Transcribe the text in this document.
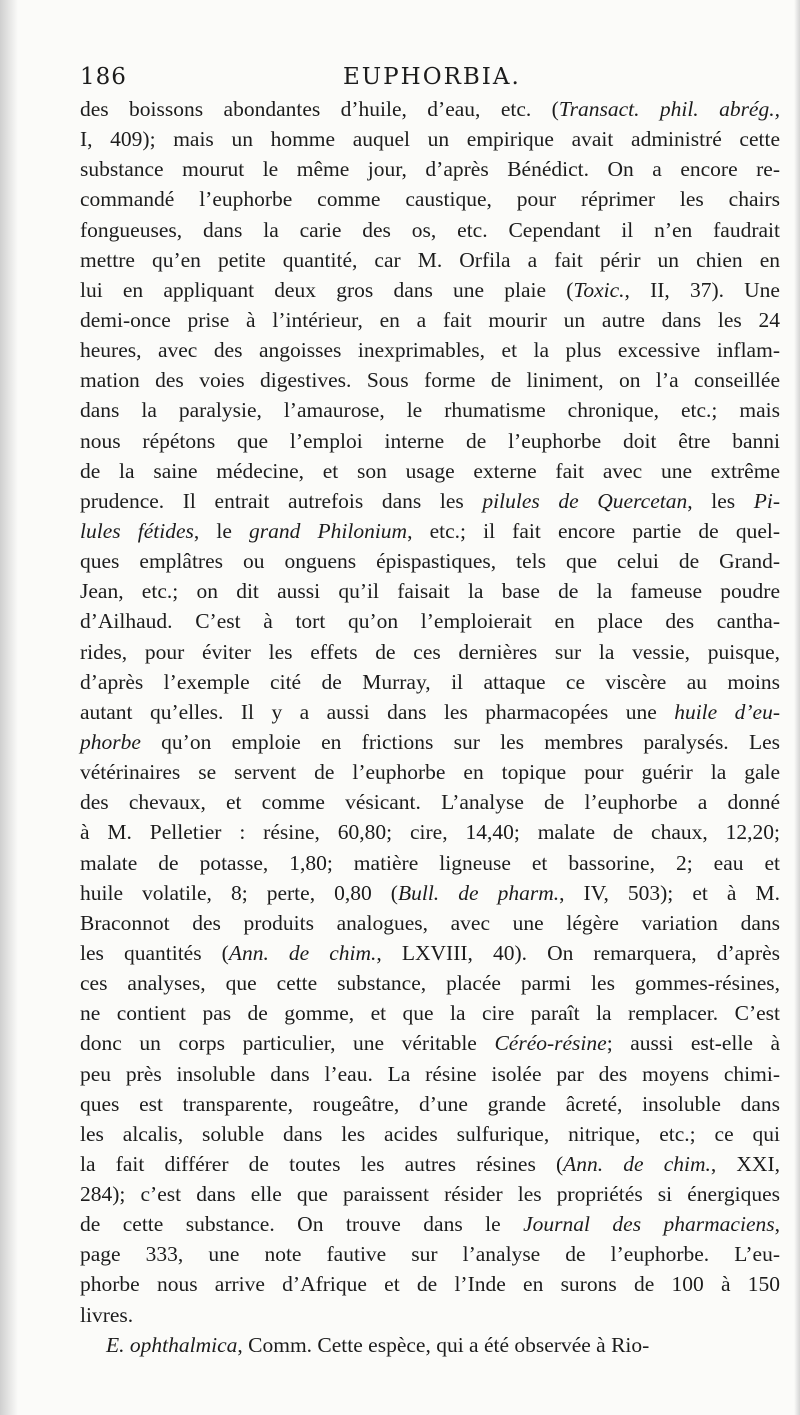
186	EUPHORBIA.
des boissons abondantes d’huile, d’eau, etc. (Transact. phil. abrég.,
I, 409); mais un homme auquel un empirique avait administré cette
substance mourut le même jour, d’après Bénédict. On a encore re-
commandé l’euphorbe comme caustique, pour réprimer les chairs
fongueuses, dans la carie des os, etc. Cependant il n’en faudrait
mettre qu’en petite quantité, car M. Orfila a fait périr un chien en
lui en appliquant deux gros dans une plaie (Toxic., II, 37). Une
demi-once prise à l’intérieur, en a fait mourir un autre dans les 24
heures, avec des angoisses inexprimables, et la plus excessive inflam-
mation des voies digestives. Sous forme de liniment, on l’a conseillée
dans la paralysie, l’amaurose, le rhumatisme chronique, etc.; mais
nous répétons que l’emploi interne de l’euphorbe doit être banni
de la saine médecine, et son usage externe fait avec une extrême
prudence. Il entrait autrefois dans les pilules de Quercetan, les Pi-
lules fétides, le grand Philonium, etc.; il fait encore partie de quel-
ques emplâtres ou onguens épispastiques, tels que celui de Grand-
Jean, etc.; on dit aussi qu’il faisait la base de la fameuse poudre
d’Ailhaud. C’est à tort qu’on l’emploierait en place des cantha-
rides, pour éviter les effets de ces dernières sur la vessie, puisque,
d’après l’exemple cité de Murray, il attaque ce viscère au moins
autant qu’elles. Il y a aussi dans les pharmacopées une huile d’eu-
phorbe qu’on emploie en frictions sur les membres paralysés. Les
vétérinaires se servent de l’euphorbe en topique pour guérir la gale
des chevaux, et comme vésicant. L’analyse de l’euphorbe a donné
à M. Pelletier : résine, 60,80; cire, 14,40; malate de chaux, 12,20;
malate de potasse, 1,80; matière ligneuse et bassorine, 2; eau et
huile volatile, 8; perte, 0,80 (Bull. de pharm., IV, 503); et à M.
Braconnot des produits analogues, avec une légère variation dans
les quantités (Ann. de chim., LXVIII, 40). On remarquera, d’après
ces analyses, que cette substance, placée parmi les gommes-résines,
ne contient pas de gomme, et que la cire paraît la remplacer. C’est
donc un corps particulier, une véritable Céréo-résine; aussi est-elle à
peu près insoluble dans l’eau. La résine isolée par des moyens chimi-
ques est transparente, rougeâtre, d’une grande âcreté, insoluble dans
les alcalis, soluble dans les acides sulfurique, nitrique, etc.; ce qui
la fait différer de toutes les autres résines (Ann. de chim., XXI,
284); c’est dans elle que paraissent résider les propriétés si énergiques
de cette substance. On trouve dans le Journal des pharmaciens,
page 333, une note fautive sur l’analyse de l’euphorbe. L’eu-
phorbe nous arrive d’Afrique et de l’Inde en surons de 100 à 150
livres.
E. ophthalmica, Comm. Cette espèce, qui a été observée à Rio-
